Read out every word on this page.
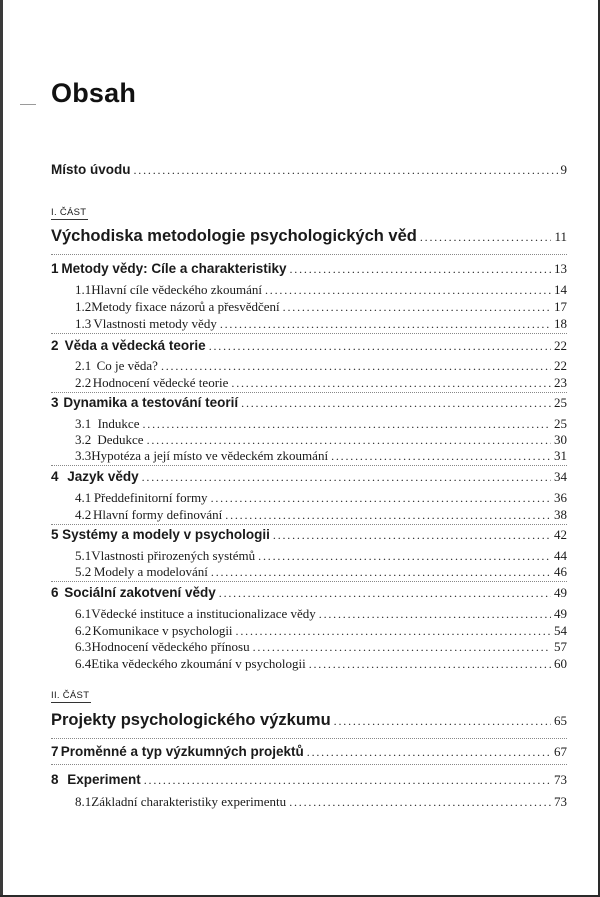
Obsah
Místo úvodu . . .	9
I. ČÁST
Východiska metodologie psychologických věd . . .	11
1 Metody vědy: Cíle a charakteristiky . . .	13
1.1 Hlavní cíle vědeckého zkoumání . . .	14
1.2 Metody fixace názorů a přesvědčení . . .	17
1.3 Vlastnosti metody vědy . . .	18
2 Věda a vědecká teorie . . .	22
2.1 Co je věda? . . .	22
2.2 Hodnocení vědecké teorie . . .	23
3 Dynamika a testování teorií . . .	25
3.1 Indukce . . .	25
3.2 Dedukce . . .	30
3.3 Hypotéza a její místo ve vědeckém zkoumání . . .	31
4 Jazyk vědy . . .	34
4.1 Předdefinitorní formy . . .	36
4.2 Hlavní formy definování . . .	38
5 Systémy a modely v psychologii . . .	42
5.1 Vlastnosti přirozených systémů . . .	44
5.2 Modely a modelování . . .	46
6 Sociální zakotvení vědy . . .	49
6.1 Vědecké instituce a institucionalizace vědy . . .	49
6.2 Komunikace v psychologii . . .	54
6.3 Hodnocení vědeckého přínosu . . .	57
6.4 Etika vědeckého zkoumání v psychologii . . .	60
II. ČÁST
Projekty psychologického výzkumu . . .	65
7 Proměnné a typ výzkumných projektů . . .	67
8 Experiment . . .	73
8.1 Základní charakteristiky experimentu . . .	73
